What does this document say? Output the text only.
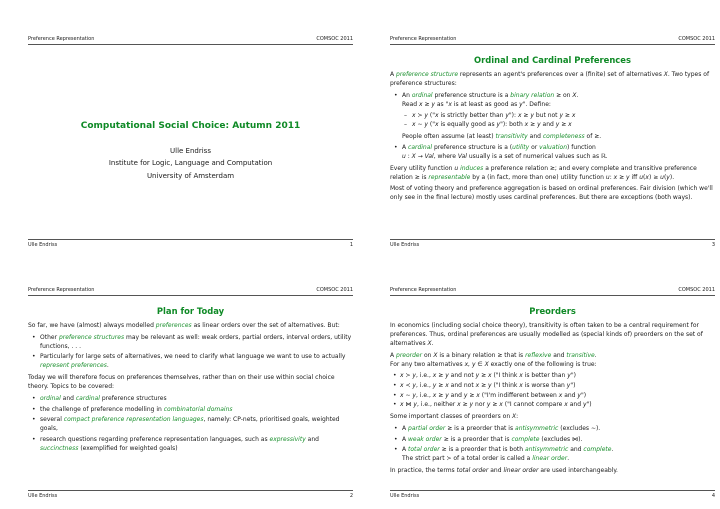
Preference Representation	COMSOC 2011
Computational Social Choice: Autumn 2011
Ulle Endriss
Institute for Logic, Language and Computation
University of Amsterdam
Ulle Endriss	1
Preference Representation	COMSOC 2011
Ordinal and Cardinal Preferences

A preference structure represents an agent's preferences over a (finite) set of alternatives X. Two types of preference structures:

• An ordinal preference structure is a binary relation ⪰ on X.
Read x ⪰ y as "x is at least as good as y". Define:
– x ≻ y ("x is strictly better than y"): x ⪰ y but not y ⪰ x
– x ∼ y ("x is equally good as y"): both x ⪰ y and y ⪰ x
People often assume (at least) transitivity and completeness of ⪰.
• A cardinal preference structure is a (utility or valuation) function
u : X → Val, where Val usually is a set of numerical values such as ℝ.

Every utility function u induces a preference relation ⪰; and every complete and transitive preference relation ⪰ is representable by a (in fact, more than one) utility function u: x ⪰ y iff u(x) ≥ u(y).

Most of voting theory and preference aggregation is based on ordinal preferences. Fair division (which we'll only see in the final lecture) mostly uses cardinal preferences. But there are exceptions (both ways).

Ulle Endriss	3
Preference Representation	COMSOC 2011
Plan for Today

So far, we have (almost) always modelled preferences as linear orders over the set of alternatives. But:

• Other preference structures may be relevant as well: weak orders, partial orders, interval orders, utility functions, . . .
• Particularly for large sets of alternatives, we need to clarify what language we want to use to actually represent preferences.

Today we will therefore focus on preferences themselves, rather than on their use within social choice theory. Topics to be covered:

• ordinal and cardinal preference structures
• the challenge of preference modelling in combinatorial domains
• several compact preference representation languages, namely: CP-nets, prioritised goals, weighted goals,
• research questions regarding preference representation languages, such as expressivity and succinctness (exemplified for weighted goals)
Ulle Endriss	2
Preference Representation	COMSOC 2011
Preorders

In economics (including social choice theory), transitivity is often taken to be a central requirement for preferences. Thus, ordinal preferences are usually modelled as (special kinds of) preorders on the set of alternatives X.

A preorder on X is a binary relation ⪰ that is reflexive and transitive.
For any two alternatives x, y ∈ X exactly one of the following is true:

• x ≻ y, i.e., x ⪰ y and not y ⪰ x ("I think x is better than y")
• x ≺ y, i.e., y ⪰ x and not x ⪰ y ("I think x is worse than y")
• x ∼ y, i.e., x ⪰ y and y ⪰ x ("I'm indifferent between x and y")
• x ⋈ y, i.e., neither x ⪰ y nor y ⪰ x ("I cannot compare x and y")

Some important classes of preorders on X:

• A partial order ⪰ is a preorder that is antisymmetric (excludes ∼).
• A weak order ⪰ is a preorder that is complete (excludes ⋈).
• A total order ⪰ is a preorder that is both antisymmetric and complete.
The strict part ≻ of a total order is called a linear order.

In practice, the terms total order and linear order are used interchangeably.

Ulle Endriss	4
